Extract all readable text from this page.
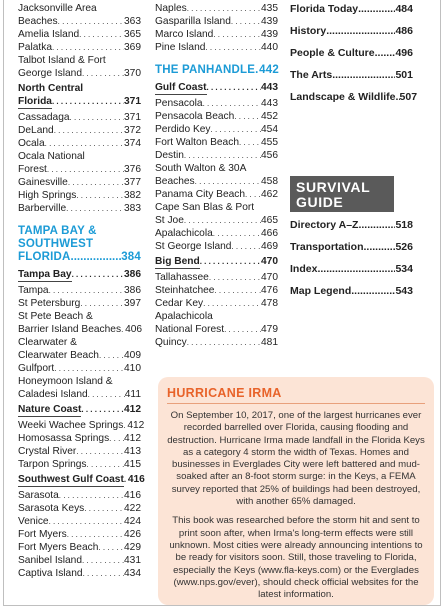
Jacksonville Area
Beaches . . .	363
Amelia Island . . .	365
Palatka . . .	369
Talbot Island & Fort
George Island . . .	370
North Central
Florida . . .	371
Cassadaga . . .	371
DeLand . . .	372
Ocala . . .	374
Ocala National
Forest . . .	376
Gainesville . . .	377
High Springs . . .	382
Barberville . . .	383
TAMPA BAY & SOUTHWEST
FLORIDA .....	384
Tampa Bay . . .	386
Tampa . . .	386
St Petersburg . . .	397
St Pete Beach &
Barrier Island Beaches . . . 406
Clearwater &
Clearwater Beach . . . 409
Gulfport . . .	410
Honeymoon Island &
Caladesi Island . . .	411
Nature Coast . . .	412
Weeki Wachee Springs . . . 412
Homosassa Springs . . . 412
Crystal River . . .	413
Tarpon Springs . . .	415
Southwest Gulf Coast . . . 416
Sarasota . . .	416
Sarasota Keys . . .	422
Venice . . .	424
Fort Myers . . .	426
Fort Myers Beach . . .	429
Sanibel Island . . .	431
Captiva Island . . .	434
Naples . . .	435
Gasparilla Island . . .	439
Marco Island . . .	439
Pine Island . . .	440
THE PANHANDLE ..... 442
Gulf Coast . . .	443
Pensacola . . .	443
Pensacola Beach . . .	452
Perdido Key . . .	454
Fort Walton Beach . . . 455
Destin . . .	456
South Walton & 30A
Beaches . . .	458
Panama City Beach . . . 462
Cape San Blas & Port
St Joe . . .	465
Apalachicola . . .	466
St George Island . . .	469
Big Bend . . .	470
Tallahassee . . .	470
Steinhatchee . . .	476
Cedar Key . . .	478
Apalachicola
National Forest . . .	479
Quincy . . .	481
Florida Today .....	484
History .....	486
People & Culture ..... 496
The Arts .....	501
Landscape & Wildlife ..... 507
SURVIVAL
GUIDE
Directory A–Z .....	518
Transportation .....	526
Index .....	534
Map Legend .....	543
HURRICANE IRMA

On September 10, 2017, one of the largest hurricanes ever recorded barrelled over Florida, causing flooding and destruction. Hurricane Irma made landfall in the Florida Keys as a category 4 storm the width of Texas. Homes and businesses in Everglades City were left battered and mud-soaked after an 8-foot storm surge: in the Keys, a FEMA survey reported that 25% of buildings had been destroyed, with another 65% damaged.

This book was researched before the storm hit and sent to print soon after, when Irma's long-term effects were still unknown. Most cities were already announcing intentions to be ready for visitors soon. Still, those traveling to Florida, especially the Keys (www.fla-keys.com) or the Everglades (www.nps.gov/ever), should check official websites for the latest information.
